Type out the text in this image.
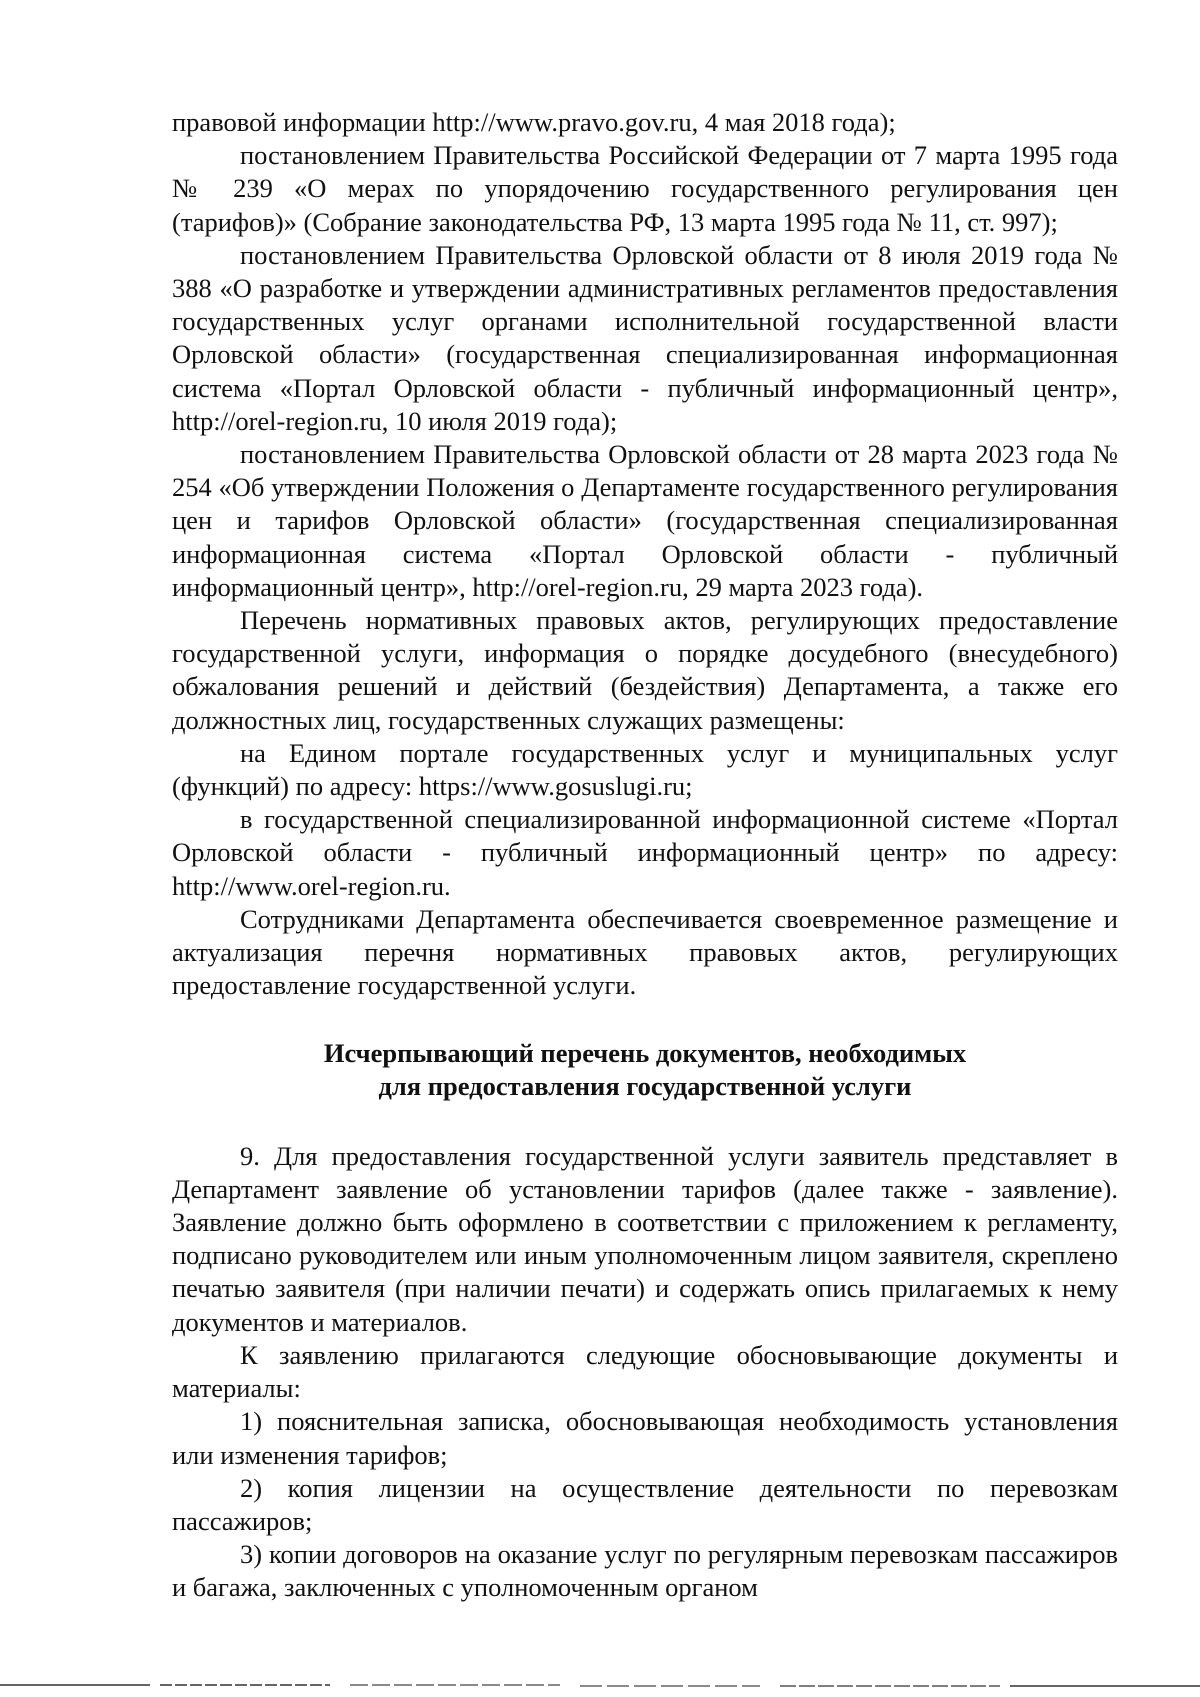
правовой информации http://www.pravo.gov.ru, 4 мая 2018 года);

постановлением Правительства Российской Федерации от 7 марта 1995 года № 239 «О мерах по упорядочению государственного регулирования цен (тарифов)» (Собрание законодательства РФ, 13 марта 1995 года № 11, ст. 997);

постановлением Правительства Орловской области от 8 июля 2019 года № 388 «О разработке и утверждении административных регламентов предоставления государственных услуг органами исполнительной государственной власти Орловской области» (государственная специализированная информационная система «Портал Орловской области - публичный информационный центр», http://orel-region.ru, 10 июля 2019 года);

постановлением Правительства Орловской области от 28 марта 2023 года № 254 «Об утверждении Положения о Департаменте государственного регулирования цен и тарифов Орловской области» (государственная специализированная информационная система «Портал Орловской области - публичный информационный центр», http://orel-region.ru, 29 марта 2023 года).

Перечень нормативных правовых актов, регулирующих предоставление государственной услуги, информация о порядке досудебного (внесудебного) обжалования решений и действий (бездействия) Департамента, а также его должностных лиц, государственных служащих размещены:

на Едином портале государственных услуг и муниципальных услуг (функций) по адресу: https://www.gosuslugi.ru;

в государственной специализированной информационной системе «Портал Орловской области - публичный информационный центр» по адресу: http://www.orel-region.ru.

Сотрудниками Департамента обеспечивается своевременное размещение и актуализация перечня нормативных правовых актов, регулирующих предоставление государственной услуги.

Исчерпывающий перечень документов, необходимых
для предоставления государственной услуги

9. Для предоставления государственной услуги заявитель представляет в Департамент заявление об установлении тарифов (далее также - заявление). Заявление должно быть оформлено в соответствии с приложением к регламенту, подписано руководителем или иным уполномоченным лицом заявителя, скреплено печатью заявителя (при наличии печати) и содержать опись прилагаемых к нему документов и материалов.

К заявлению прилагаются следующие обосновывающие документы и материалы:

1) пояснительная записка, обосновывающая необходимость установления или изменения тарифов;

2) копия лицензии на осуществление деятельности по перевозкам пассажиров;

3) копии договоров на оказание услуг по регулярным перевозкам пассажиров и багажа, заключенных с уполномоченным органом
